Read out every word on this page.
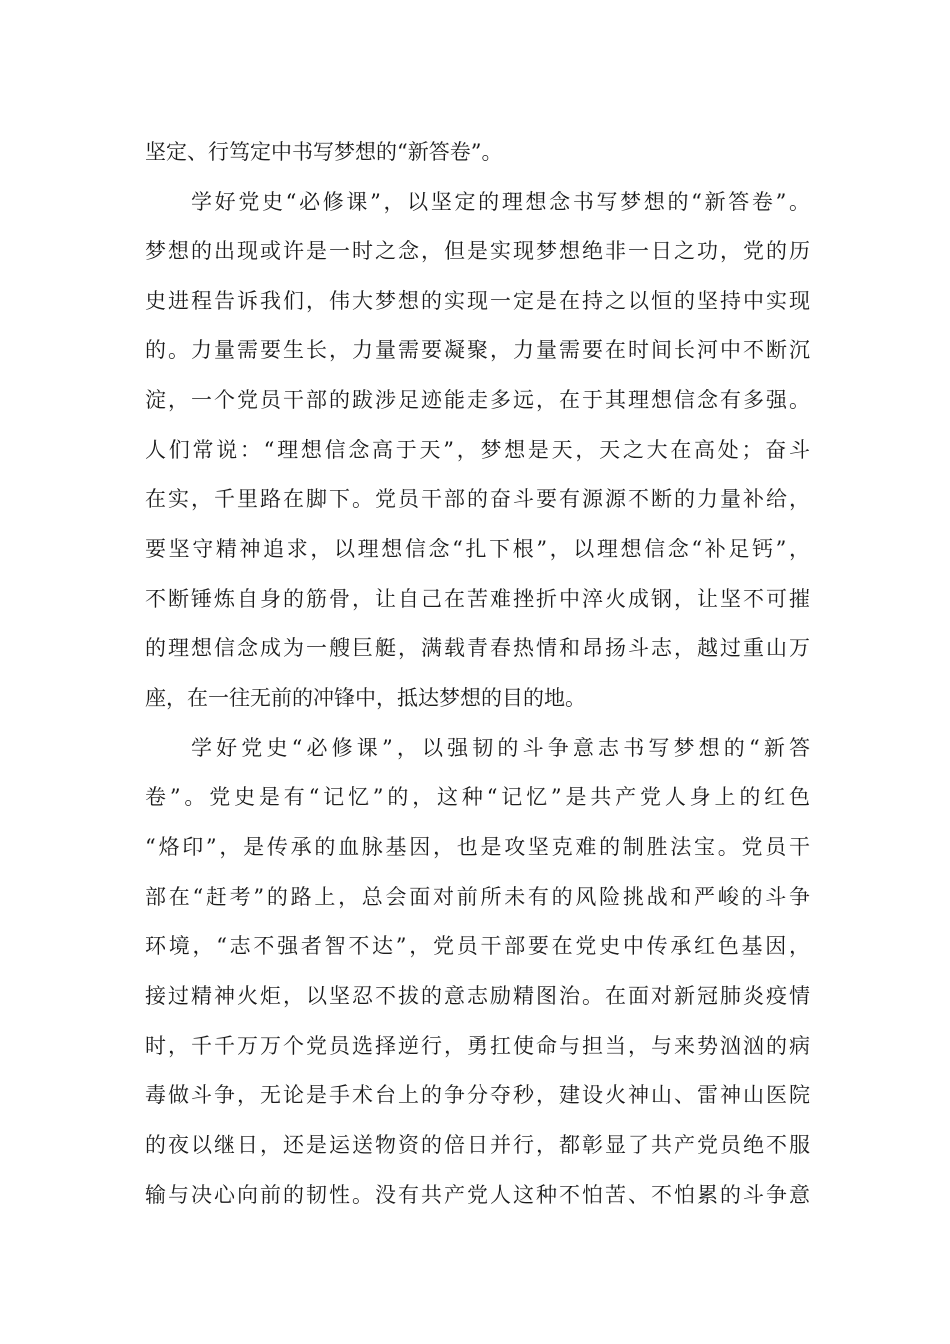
坚定、行笃定中书写梦想的“新答卷”。
学好党史“必修课”，以坚定的理想念书写梦想的“新答卷”。
梦想的出现或许是一时之念，但是实现梦想绝非一日之功，党的历
史进程告诉我们，伟大梦想的实现一定是在持之以恒的坚持中实现
的。力量需要生长，力量需要凝聚，力量需要在时间长河中不断沉
淀，一个党员干部的跋涉足迹能走多远，在于其理想信念有多强。
人们常说：“理想信念高于天”，梦想是天，天之大在高处；奋斗
在实，千里路在脚下。党员干部的奋斗要有源源不断的力量补给，
要坚守精神追求，以理想信念“扎下根”，以理想信念“补足钙”，
不断锤炼自身的筋骨，让自己在苦难挫折中淬火成钢，让坚不可摧
的理想信念成为一艘巨艇，满载青春热情和昂扬斗志，越过重山万
座，在一往无前的冲锋中，抵达梦想的目的地。
学好党史“必修课”，以强韧的斗争意志书写梦想的“新答
卷”。党史是有“记忆”的，这种“记忆”是共产党人身上的红色
“烙印”，是传承的血脉基因，也是攻坚克难的制胜法宝。党员干
部在“赶考”的路上，总会面对前所未有的风险挑战和严峻的斗争
环境，“志不强者智不达”，党员干部要在党史中传承红色基因，
接过精神火炬，以坚忍不拔的意志励精图治。在面对新冠肺炎疫情
时，千千万万个党员选择逆行，勇扛使命与担当，与来势汹汹的病
毒做斗争，无论是手术台上的争分夺秒，建设火神山、雷神山医院
的夜以继日，还是运送物资的倍日并行，都彰显了共产党员绝不服
输与决心向前的韧性。没有共产党人这种不怕苦、不怕累的斗争意
